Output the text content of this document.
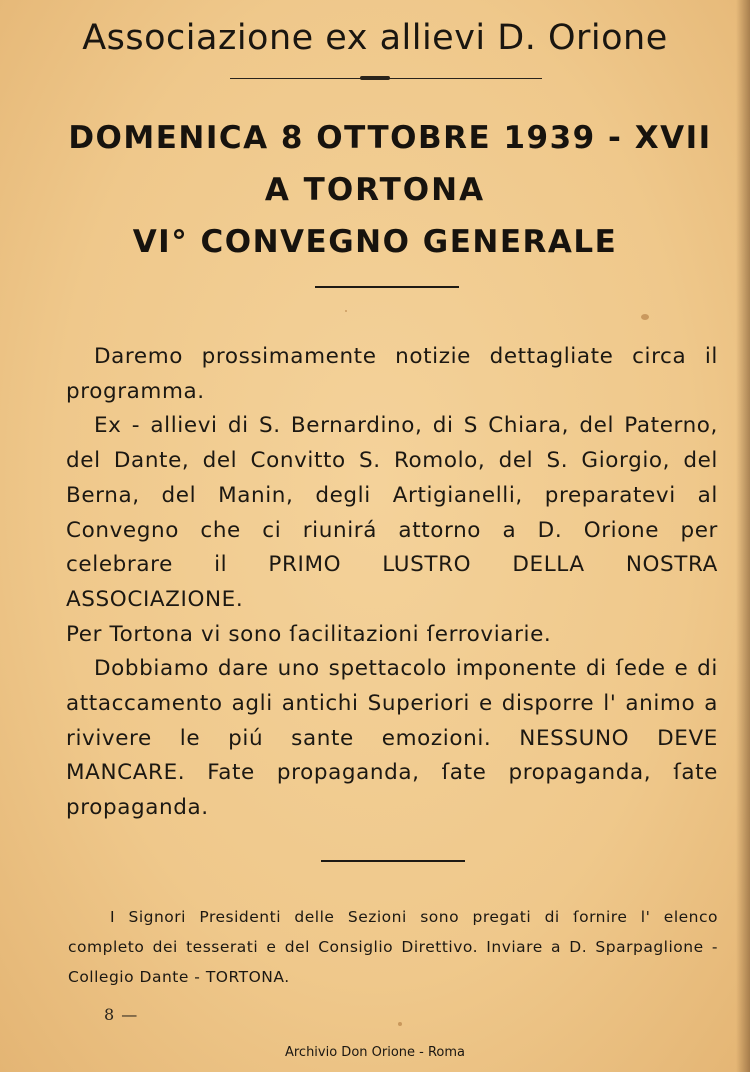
Associazione ex allievi D. Orione
DOMENICA 8 OTTOBRE 1939 - XVII
A TORTONA
VI° CONVEGNO GENERALE

Daremo prossimamente notizie dettagliate circa il programma.

Ex - allievi di S. Bernardino, di S Chiara, del Paterno, del Dante, del Convitto S. Romolo, del S. Giorgio, del Berna, del Manin, degli Artigianelli, preparatevi al Convegno che ci riunirá attorno a D. Orione per celebrare il PRIMO LUSTRO DELLA NOSTRA ASSOCIAZIONE.

Per Tortona vi sono ſacilitazioni ſerroviarie.

Dobbiamo dare uno spettacolo imponente di ſede e di attaccamento agli antichi Superiori e disporre l' animo a rivivere le piú sante emozioni. NESSUNO DEVE MANCARE. Fate propaganda, ſate propaganda, ſate propaganda.

I Signori Presidenti delle Sezioni sono pregati di ſornire l' elenco completo dei tesserati e del Consiglio Direttivo. Inviare a D. Sparpaglione - Collegio Dante - TORTONA.

8 —
Archivio Don Orione - Roma
